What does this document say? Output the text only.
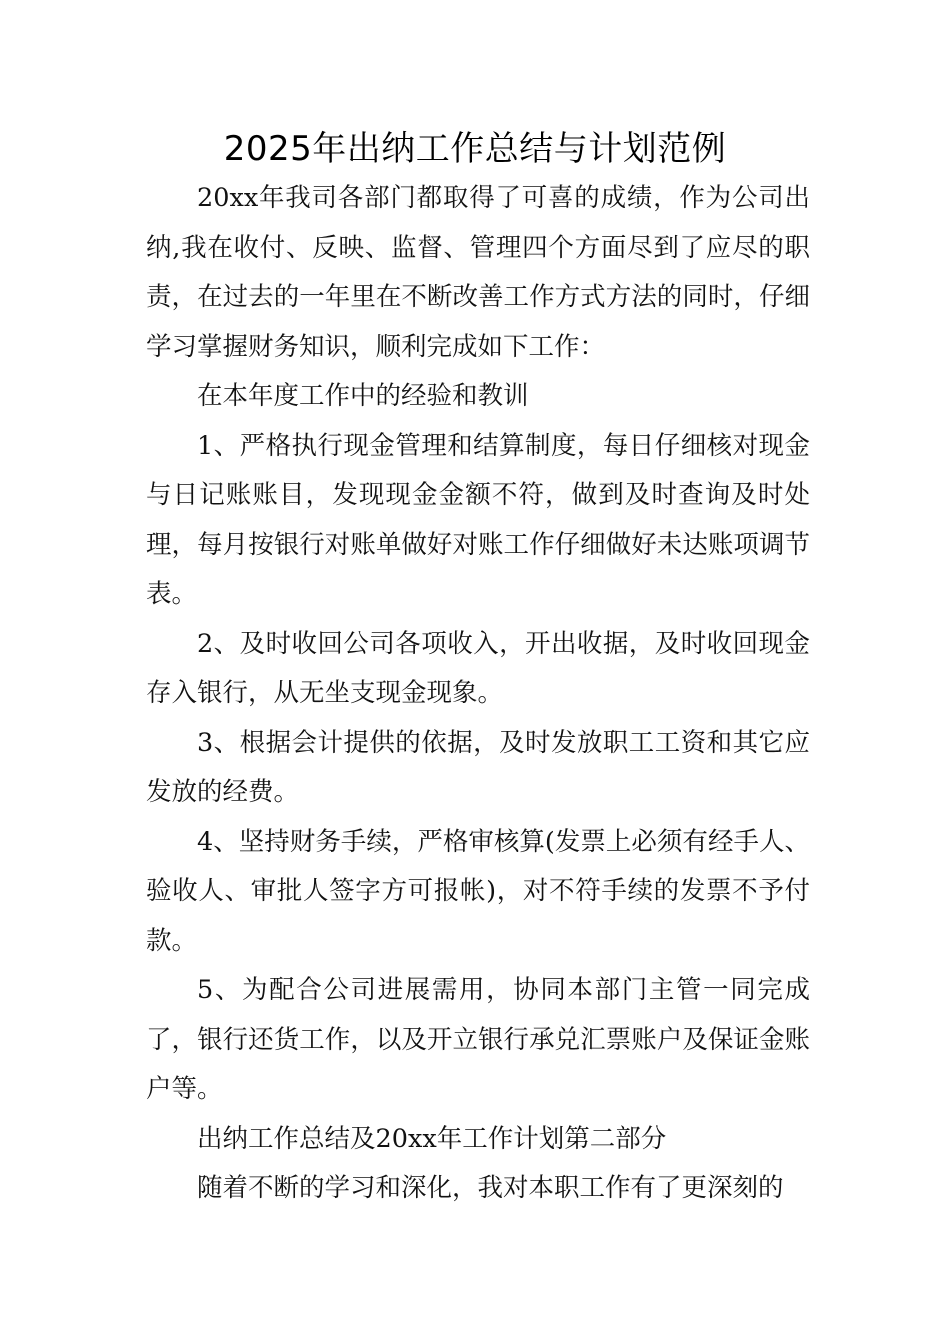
2025年出纳工作总结与计划范例

20xx年我司各部门都取得了可喜的成绩，作为公司出纳,我在收付、反映、监督、管理四个方面尽到了应尽的职责，在过去的一年里在不断改善工作方式方法的同时，仔细学习掌握财务知识，顺利完成如下工作：

在本年度工作中的经验和教训

1、严格执行现金管理和结算制度，每日仔细核对现金与日记账账目，发现现金金额不符，做到及时查询及时处理，每月按银行对账单做好对账工作仔细做好未达账项调节表。

2、及时收回公司各项收入，开出收据，及时收回现金存入银行，从无坐支现金现象。

3、根据会计提供的依据，及时发放职工工资和其它应发放的经费。

4、坚持财务手续，严格审核算(发票上必须有经手人、验收人、审批人签字方可报帐)，对不符手续的发票不予付款。

5、为配合公司进展需用，协同本部门主管一同完成了，银行还货工作，以及开立银行承兑汇票账户及保证金账户等。

出纳工作总结及20xx年工作计划第二部分

随着不断的学习和深化，我对本职工作有了更深刻的
